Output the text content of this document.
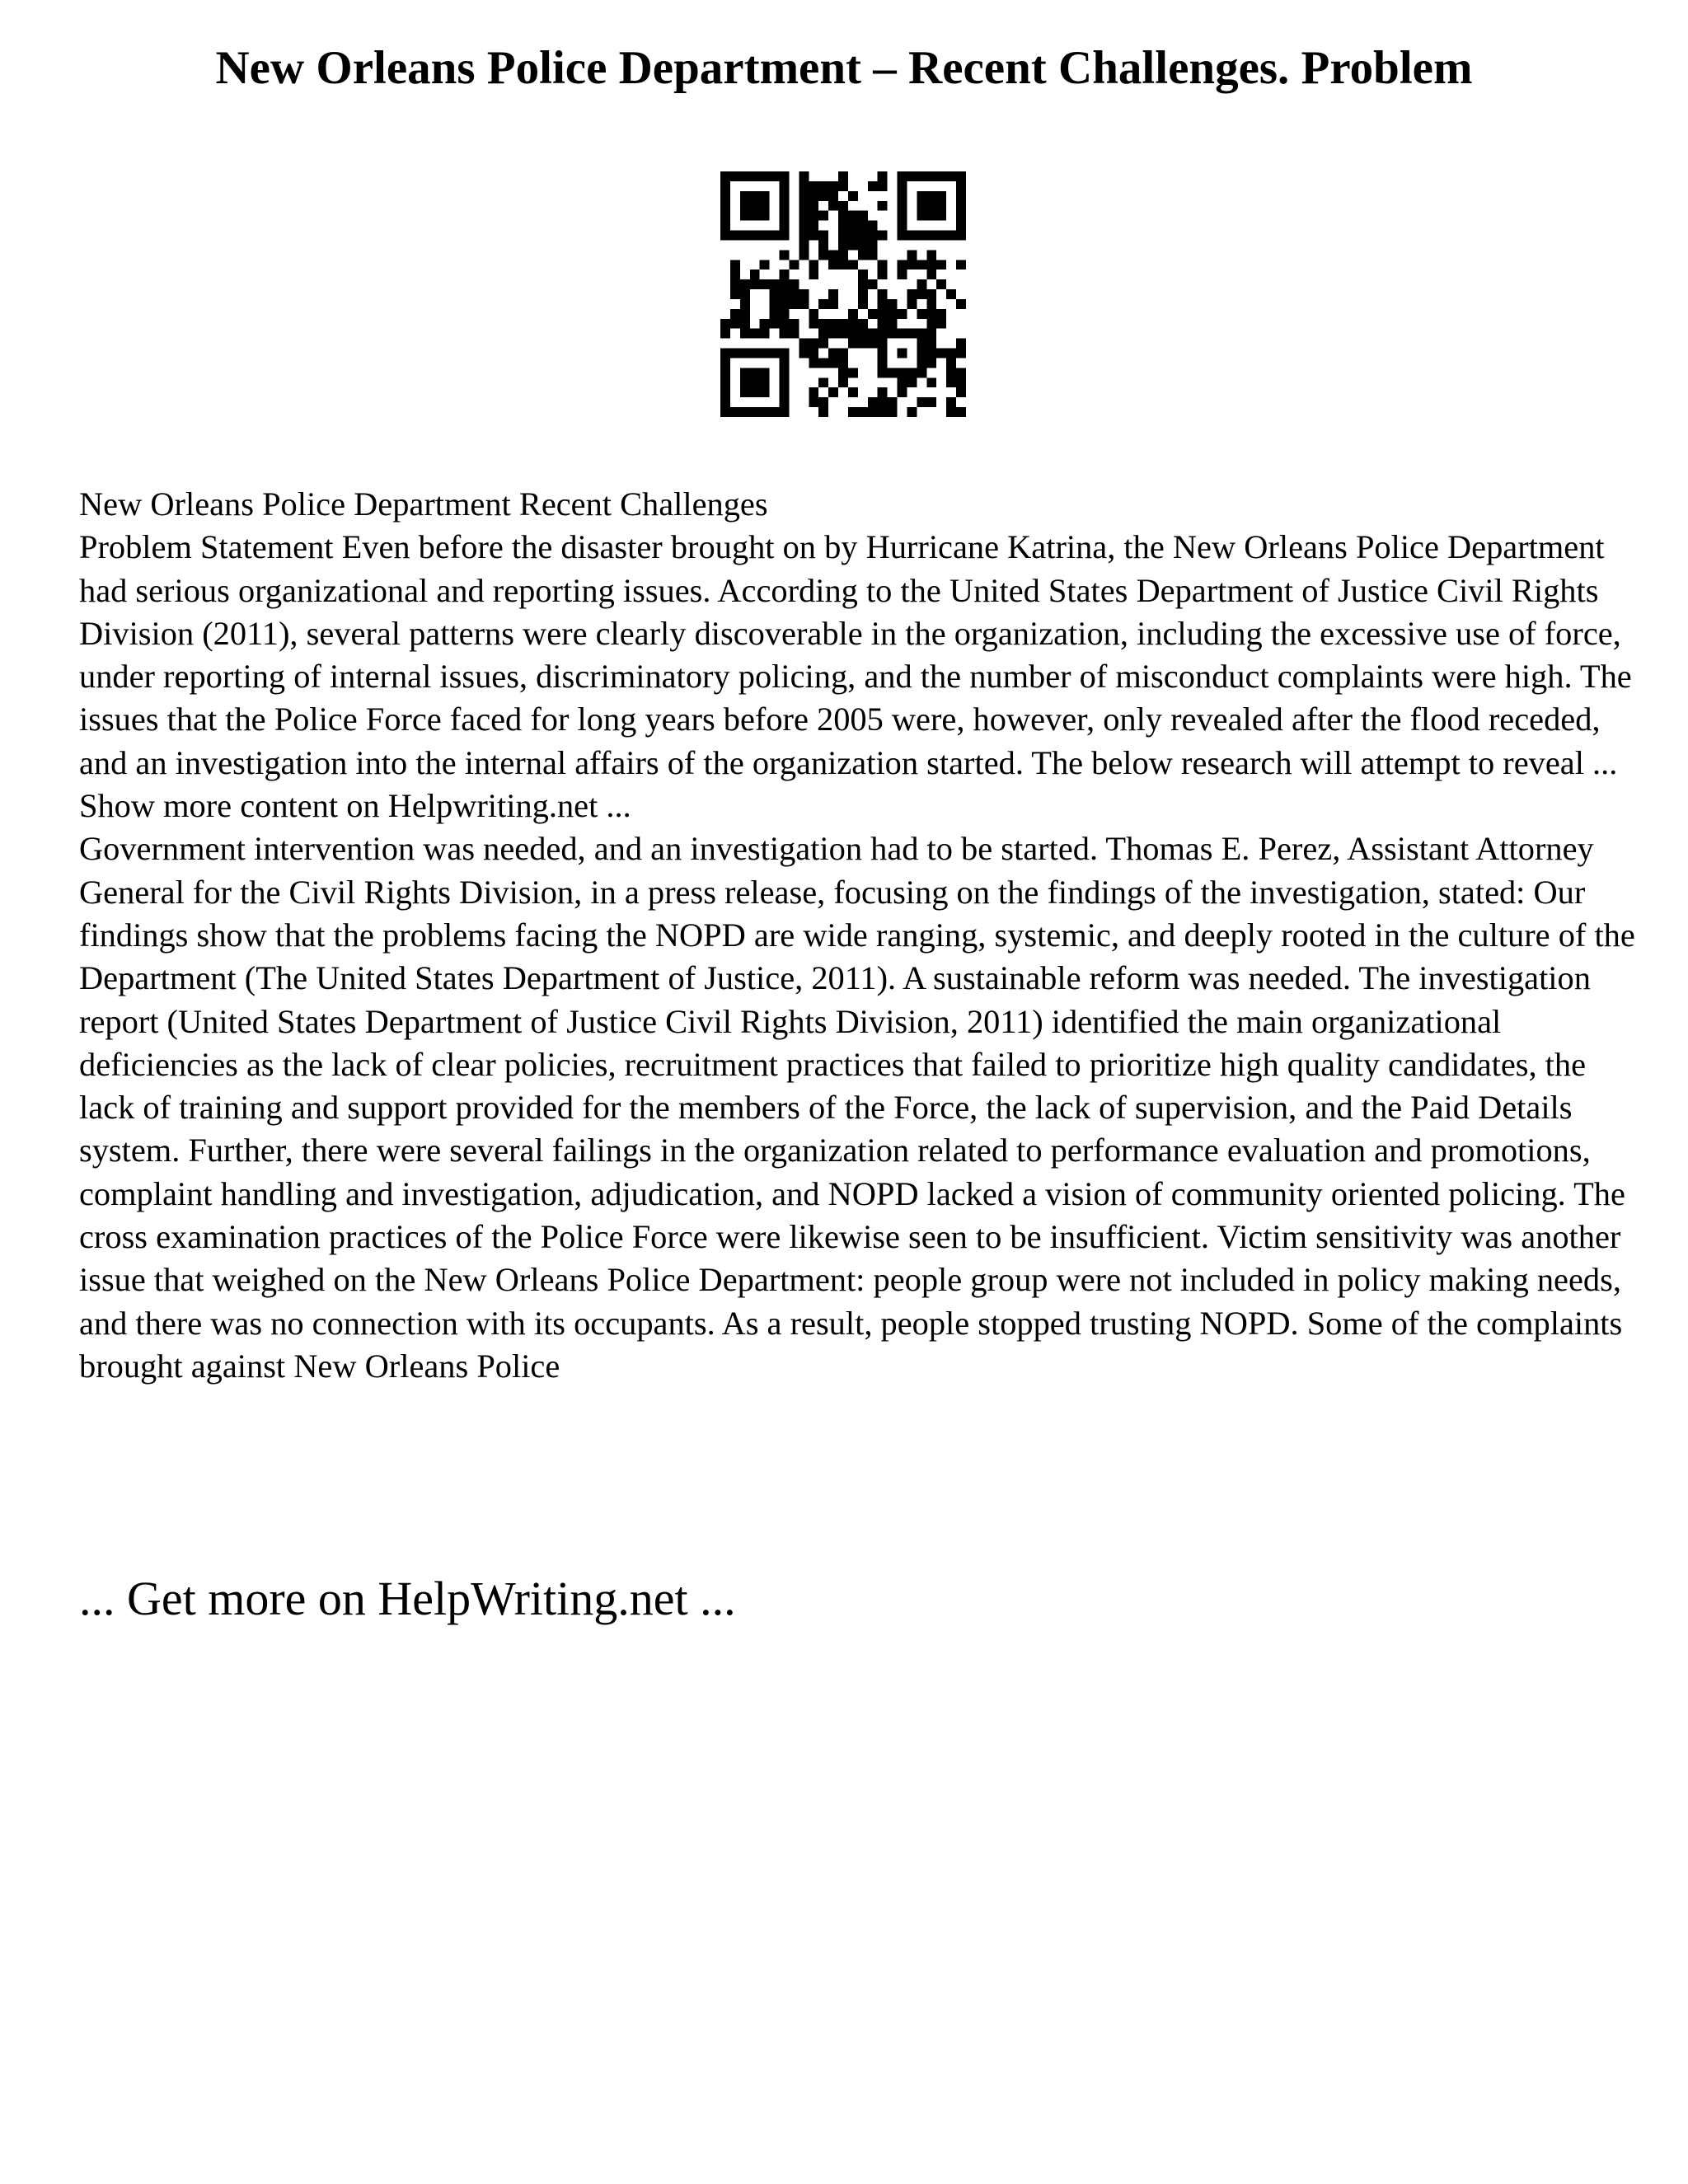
New Orleans Police Department – Recent Challenges. Problem

New Orleans Police Department Recent Challenges

Problem Statement Even before the disaster brought on by Hurricane Katrina, the New Orleans Police Department had serious organizational and reporting issues. According to the United States Department of Justice Civil Rights Division (2011), several patterns were clearly discoverable in the organization, including the excessive use of force, under reporting of internal issues, discriminatory policing, and the number of misconduct complaints were high. The issues that the Police Force faced for long years before 2005 were, however, only revealed after the flood receded, and an investigation into the internal affairs of the organization started. The below research will attempt to reveal ... Show more content on Helpwriting.net ...

Government intervention was needed, and an investigation had to be started. Thomas E. Perez, Assistant Attorney General for the Civil Rights Division, in a press release, focusing on the findings of the investigation, stated: Our findings show that the problems facing the NOPD are wide ranging, systemic, and deeply rooted in the culture of the Department (The United States Department of Justice, 2011). A sustainable reform was needed. The investigation report (United States Department of Justice Civil Rights Division, 2011) identified the main organizational deficiencies as the lack of clear policies, recruitment practices that failed to prioritize high quality candidates, the lack of training and support provided for the members of the Force, the lack of supervision, and the Paid Details system. Further, there were several failings in the organization related to performance evaluation and promotions, complaint handling and investigation, adjudication, and NOPD lacked a vision of community oriented policing. The cross examination practices of the Police Force were likewise seen to be insufficient. Victim sensitivity was another issue that weighed on the New Orleans Police Department: people group were not included in policy making needs, and there was no connection with its occupants. As a result, people stopped trusting NOPD. Some of the complaints brought against New Orleans Police

... Get more on HelpWriting.net ...
